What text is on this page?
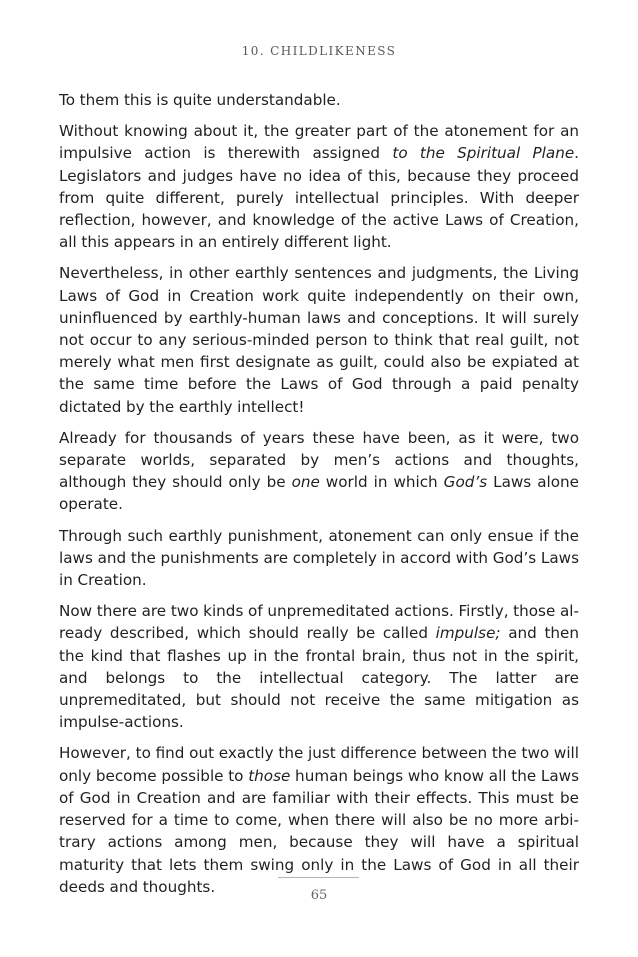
10. CHILDLIKENESS

To them this is quite understandable.

Without knowing about it, the greater part of the atonement for an impulsive action is therewith assigned to the Spiritual Plane. Legislators and judges have no idea of this, because they proceed from quite different, purely intellectual principles. With deeper reflection, however, and knowledge of the active Laws of Creation, all this appears in an entirely different light.

Nevertheless, in other earthly sentences and judgments, the Living Laws of God in Creation work quite independently on their own, uninfluenced by earthly-human laws and conceptions. It will surely not occur to any serious-minded person to think that real guilt, not merely what men first designate as guilt, could also be expiated at the same time before the Laws of God through a paid penalty dictated by the earthly intellect!

Already for thousands of years these have been, as it were, two separate worlds, separated by men’s actions and thoughts, although they should only be one world in which God’s Laws alone operate.

Through such earthly punishment, atonement can only ensue if the laws and the punishments are completely in accord with God’s Laws in Creation.

Now there are two kinds of unpremeditated actions. Firstly, those already described, which should really be called impulse; and then the kind that flashes up in the frontal brain, thus not in the spirit, and belongs to the intellectual category. The latter are unpremeditated, but should not receive the same mitigation as impulse-actions.

However, to find out exactly the just difference between the two will only become possible to those human beings who know all the Laws of God in Creation and are familiar with their effects. This must be reserved for a time to come, when there will also be no more arbitrary actions among men, because they will have a spiritual maturity that lets them swing only in the Laws of God in all their deeds and thoughts.	65
